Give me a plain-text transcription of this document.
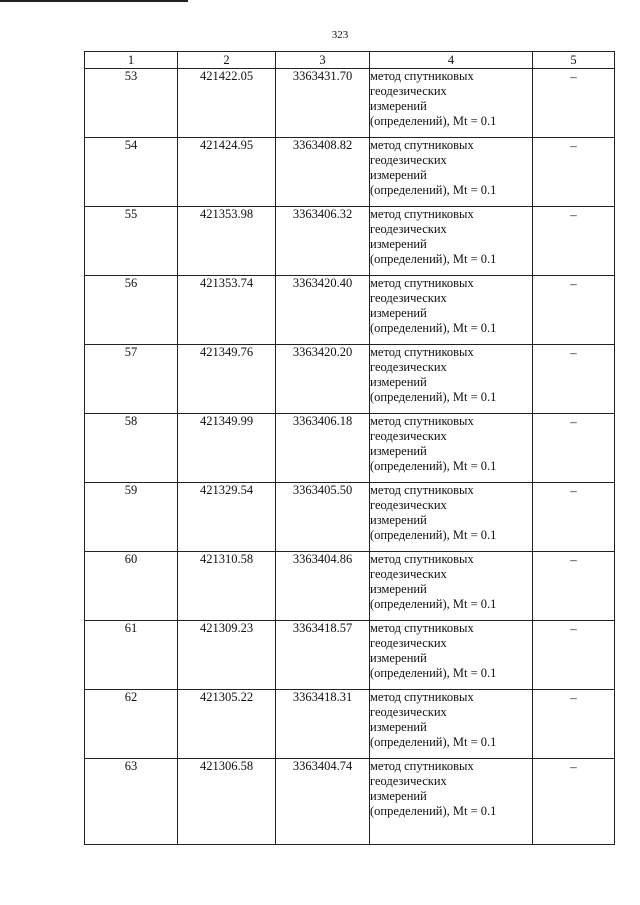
323
1	2	3	4	5
53	421422.05	3363431.70	метод спутниковых
геодезических
измерений
(определений), Mt = 0.1	–
54	421424.95	3363408.82	метод спутниковых
геодезических
измерений
(определений), Mt = 0.1	–
55	421353.98	3363406.32	метод спутниковых
геодезических
измерений
(определений), Mt = 0.1	–
56	421353.74	3363420.40	метод спутниковых
геодезических
измерений
(определений), Mt = 0.1	–
57	421349.76	3363420.20	метод спутниковых
геодезических
измерений
(определений), Mt = 0.1	–
58	421349.99	3363406.18	метод спутниковых
геодезических
измерений
(определений), Mt = 0.1	–
59	421329.54	3363405.50	метод спутниковых
геодезических
измерений
(определений), Mt = 0.1	–
60	421310.58	3363404.86	метод спутниковых
геодезических
измерений
(определений), Mt = 0.1	–
61	421309.23	3363418.57	метод спутниковых
геодезических
измерений
(определений), Mt = 0.1	–
62	421305.22	3363418.31	метод спутниковых
геодезических
измерений
(определений), Mt = 0.1	–
63	421306.58	3363404.74	метод спутниковых
геодезических
измерений
(определений), Mt = 0.1	–
